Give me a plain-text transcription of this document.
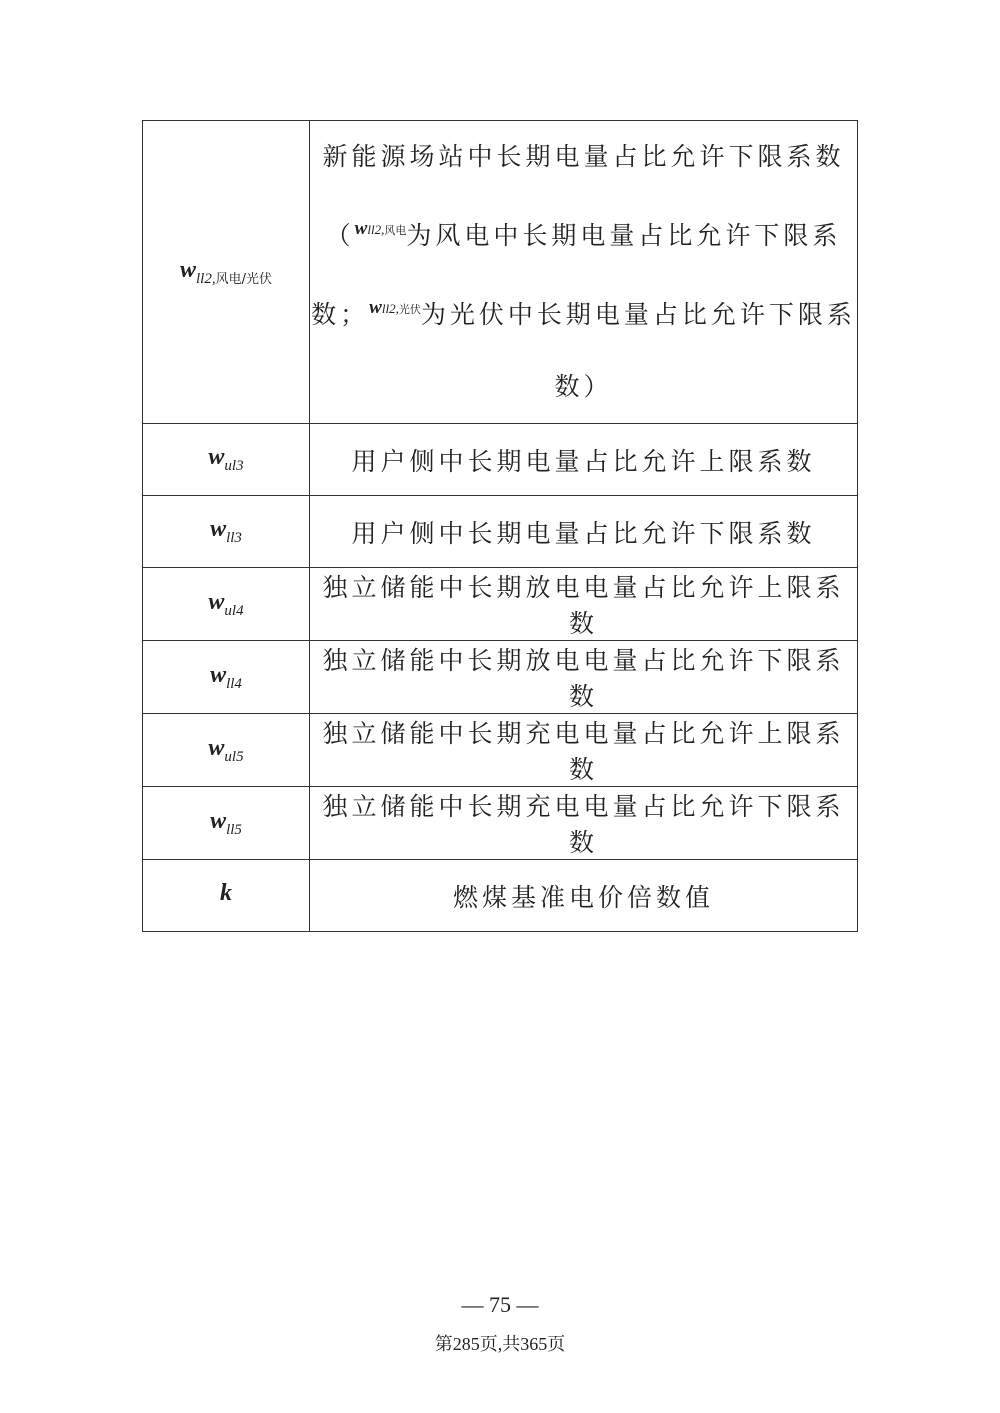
$w_{ll2,风电/光伏}$	新能源场站中长期电量占比允许下限系数
（$^{wll2,风电}$为风电中长期电量占比允许下限系
数；$^{wll2,光伏}$为光伏中长期电量占比允许下限系
数）

$w_{ul3}$	用户侧中长期电量占比允许上限系数
$w_{ll3}$	用户侧中长期电量占比允许下限系数
$w_{ul4}$	独立储能中长期放电电量占比允许上限系数
$w_{ll4}$	独立储能中长期放电电量占比允许下限系数
$w_{ul5}$	独立储能中长期充电电量占比允许上限系数
$w_{ll5}$	独立储能中长期充电电量占比允许下限系数
k	燃煤基准电价倍数值
— 75 —
第285页,共365页
